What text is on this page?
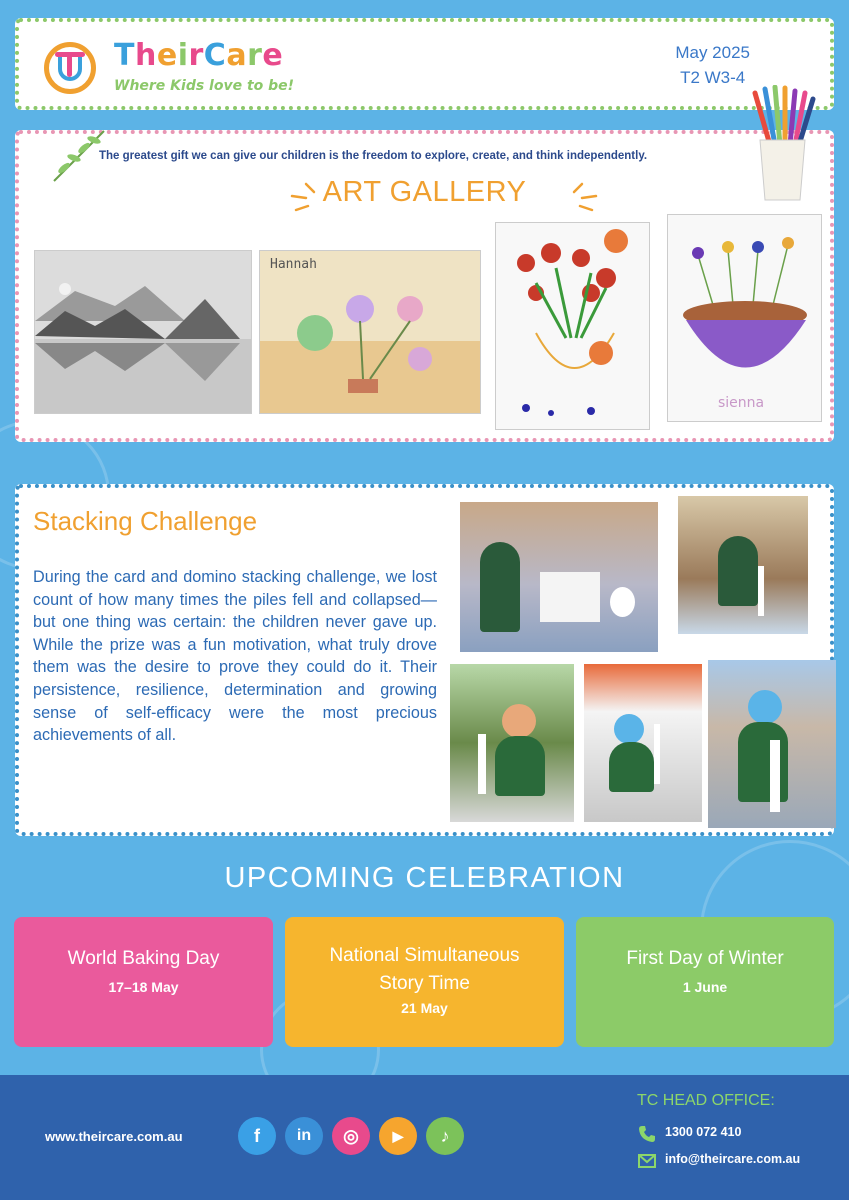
TheirCare
Where Kids love to be!
May 2025
T2 W3-4
The greatest gift we can give our children is the freedom to explore, create, and think independently.
ART GALLERY
Hannah
sienna
Stacking Challenge
During the card and domino stacking challenge, we lost count of how many times the piles fell and collapsed—but one thing was certain: the children never gave up. While the prize was a fun motivation, what truly drove them was the desire to prove they could do it. Their persistence, resilience, determination and growing sense of self-efficacy were the most precious achievements of all.
UPCOMING CELEBRATION
World Baking Day
17–18 May
National Simultaneous Story Time
21 May
First Day of Winter
1 June
www.theircare.com.au	f	in	◎	▶	♪
TC HEAD OFFICE:
1300 072 410
info@theircare.com.au
